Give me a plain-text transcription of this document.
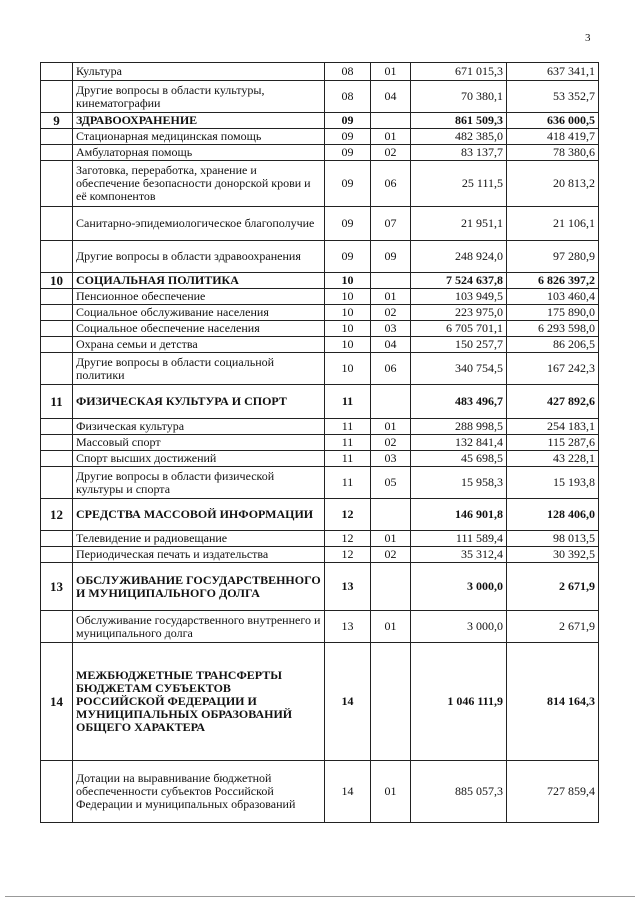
3
	Культура	08	01	671 015,3	637 341,1
	Другие вопросы в области культуры, кинематографии	08	04	70 380,1	53 352,7
9	ЗДРАВООХРАНЕНИЕ	09		861 509,3	636 000,5
	Стационарная медицинская помощь	09	01	482 385,0	418 419,7
	Амбулаторная помощь	09	02	83 137,7	78 380,6
	Заготовка, переработка, хранение и обеспечение безопасности донорской крови и её компонентов	09	06	25 111,5	20 813,2
	Санитарно-эпидемиологическое благополучие	09	07	21 951,1	21 106,1
	Другие вопросы в области здравоохранения	09	09	248 924,0	97 280,9
10	СОЦИАЛЬНАЯ ПОЛИТИКА	10		7 524 637,8	6 826 397,2
	Пенсионное обеспечение	10	01	103 949,5	103 460,4
	Социальное обслуживание населения	10	02	223 975,0	175 890,0
	Социальное обеспечение населения	10	03	6 705 701,1	6 293 598,0
	Охрана семьи и детства	10	04	150 257,7	86 206,5
	Другие вопросы в области социальной политики	10	06	340 754,5	167 242,3
11	ФИЗИЧЕСКАЯ КУЛЬТУРА И СПОРТ	11		483 496,7	427 892,6
	Физическая культура	11	01	288 998,5	254 183,1
	Массовый спорт	11	02	132 841,4	115 287,6
	Спорт высших достижений	11	03	45 698,5	43 228,1
	Другие вопросы в области физической культуры и спорта	11	05	15 958,3	15 193,8
12	СРЕДСТВА МАССОВОЙ ИНФОРМАЦИИ	12		146 901,8	128 406,0
	Телевидение и радиовещание	12	01	111 589,4	98 013,5
	Периодическая печать и издательства	12	02	35 312,4	30 392,5
13	ОБСЛУЖИВАНИЕ ГОСУДАРСТВЕННОГО И МУНИЦИПАЛЬНОГО ДОЛГА	13		3 000,0	2 671,9
	Обслуживание государственного внутреннего и муниципального долга	13	01	3 000,0	2 671,9
14	МЕЖБЮДЖЕТНЫЕ ТРАНСФЕРТЫ БЮДЖЕТАМ СУБЪЕКТОВ РОССИЙСКОЙ ФЕДЕРАЦИИ И МУНИЦИПАЛЬНЫХ ОБРАЗОВАНИЙ ОБЩЕГО ХАРАКТЕРА	14		1 046 111,9	814 164,3
	Дотации на выравнивание бюджетной обеспеченности субъектов Российской Федерации и муниципальных образований	14	01	885 057,3	727 859,4
